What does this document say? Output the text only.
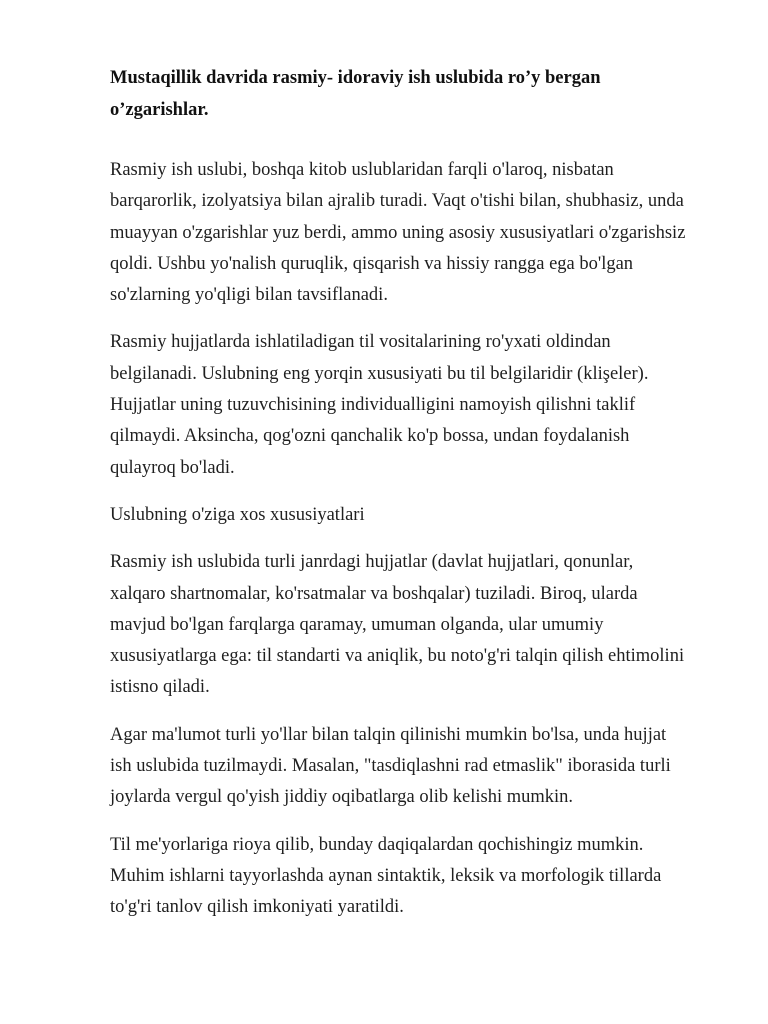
Mustaqillik davrida rasmiy- idoraviy ish uslubida ro’y bergan
o’zgarishlar.

Rasmiy ish uslubi, boshqa kitob uslublaridan farqli o'laroq, nisbatan
barqarorlik, izolyatsiya bilan ajralib turadi. Vaqt o'tishi bilan, shubhasiz, unda
muayyan o'zgarishlar yuz berdi, ammo uning asosiy xususiyatlari o'zgarishsiz
qoldi. Ushbu yo'nalish quruqlik, qisqarish va hissiy rangga ega bo'lgan
so'zlarning yo'qligi bilan tavsiflanadi.

Rasmiy hujjatlarda ishlatiladigan til vositalarining ro'yxati oldindan
belgilanadi. Uslubning eng yorqin xususiyati bu til belgilaridir (klişeler).
Hujjatlar uning tuzuvchisining individualligini namoyish qilishni taklif
qilmaydi. Aksincha, qog'ozni qanchalik ko'p bossa, undan foydalanish
qulayroq bo'ladi.

Uslubning o'ziga xos xususiyatlari

Rasmiy ish uslubida turli janrdagi hujjatlar (davlat hujjatlari, qonunlar,
xalqaro shartnomalar, ko'rsatmalar va boshqalar) tuziladi. Biroq, ularda
mavjud bo'lgan farqlarga qaramay, umuman olganda, ular umumiy
xususiyatlarga ega: til standarti va aniqlik, bu noto'g'ri talqin qilish ehtimolini
istisno qiladi.

Agar ma'lumot turli yo'llar bilan talqin qilinishi mumkin bo'lsa, unda hujjat
ish uslubida tuzilmaydi. Masalan, "tasdiqlashni rad etmaslik" iborasida turli
joylarda vergul qo'yish jiddiy oqibatlarga olib kelishi mumkin.

Til me'yorlariga rioya qilib, bunday daqiqalardan qochishingiz mumkin.
Muhim ishlarni tayyorlashda aynan sintaktik, leksik va morfologik tillarda
to'g'ri tanlov qilish imkoniyati yaratildi.
